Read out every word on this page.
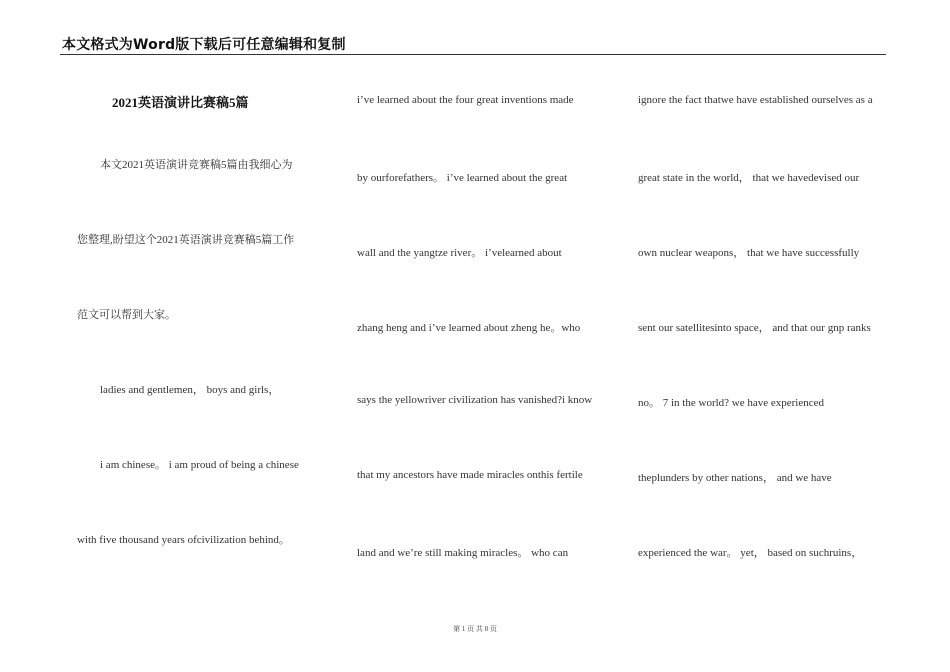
本文格式为Word版下载后可任意编辑和复制
2021英语演讲比赛稿5篇
本文2021英语演讲竞赛稿5篇由我细心为
您整理,盼望这个2021英语演讲竞赛稿5篇工作
范文可以帮到大家。
ladies and gentlemen， boys and girls，
i am chinese。 i am proud of being a chinese
with five thousand years ofcivilization behind。
i’ve learned about the four great inventions made
by ourforefathers。 i’ve learned about the great
wall and the yangtze river。 i’velearned about
zhang heng and i’ve learned about zheng he。who
says the yellowriver civilization has vanished?i know
that my ancestors have made miracles onthis fertile
land and we’re still making miracles。 who can
ignore the fact thatwe have established ourselves as a
great state in the world， that we havedevised our
own nuclear weapons， that we have successfully
sent our satellitesinto space， and that our gnp ranks
no。 7 in the world? we have experienced
theplunders by other nations， and we have
experienced the war。 yet， based on suchruins，
第 1 页 共 8 页
